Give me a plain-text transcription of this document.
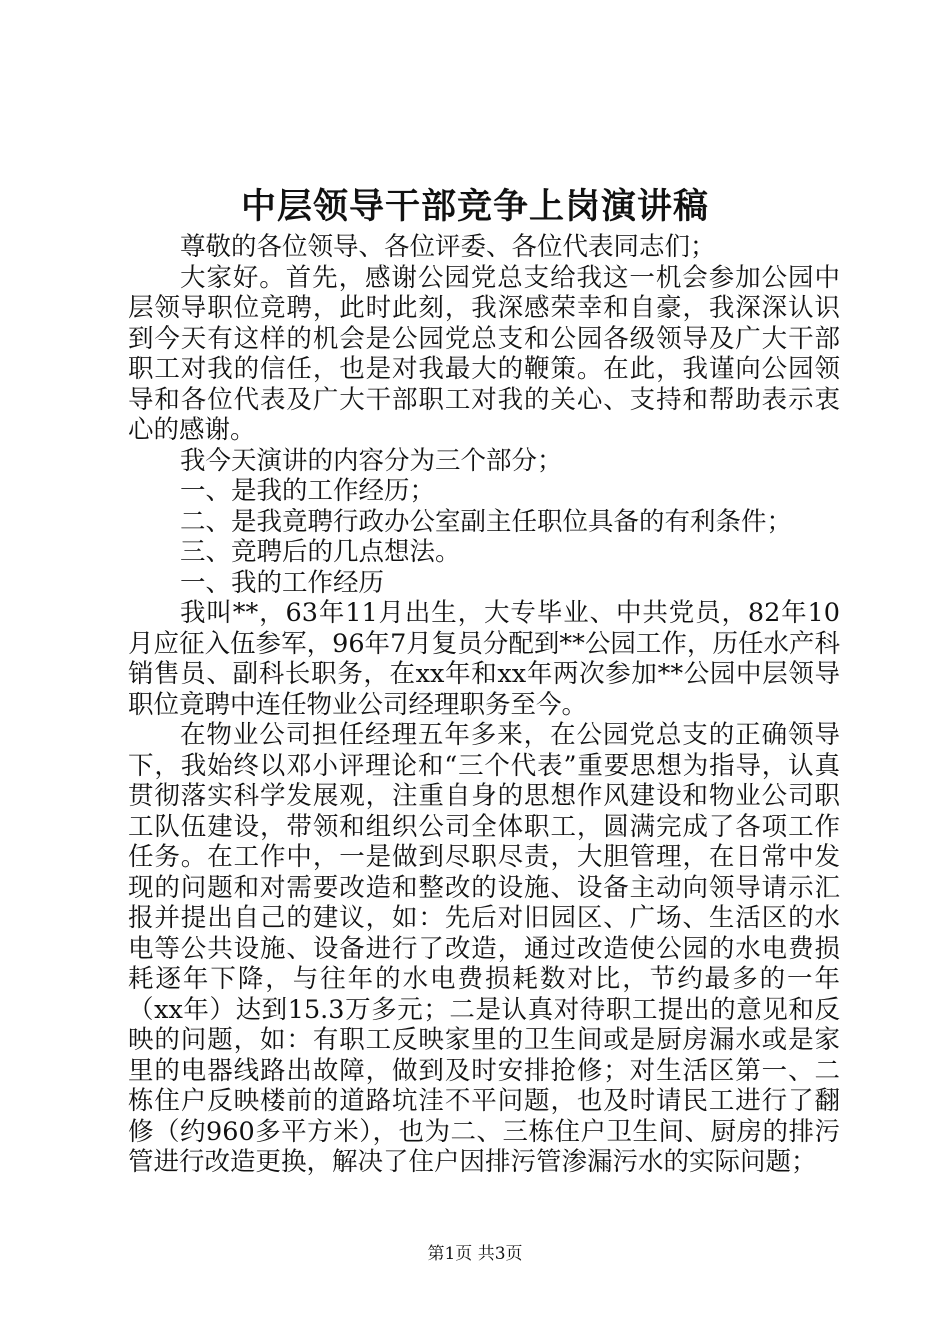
中层领导干部竞争上岗演讲稿

尊敬的各位领导、各位评委、各位代表同志们；

大家好。首先，感谢公园党总支给我这一机会参加公园中层领导职位竞聘，此时此刻，我深感荣幸和自豪，我深深认识到今天有这样的机会是公园党总支和公园各级领导及广大干部职工对我的信任，也是对我最大的鞭策。在此，我谨向公园领导和各位代表及广大干部职工对我的关心、支持和帮助表示衷心的感谢。

我今天演讲的内容分为三个部分；

一、是我的工作经历；

二、是我竟聘行政办公室副主任职位具备的有利条件；

三、竞聘后的几点想法。

一、我的工作经历

我叫**，63年11月出生，大专毕业、中共党员，82年10月应征入伍参军，96年7月复员分配到**公园工作，历任水产科销售员、副科长职务，在xx年和xx年两次参加**公园中层领导职位竟聘中连任物业公司经理职务至今。

在物业公司担任经理五年多来，在公园党总支的正确领导下，我始终以邓小评理论和“三个代表”重要思想为指导，认真贯彻落实科学发展观，注重自身的思想作风建设和物业公司职工队伍建设，带领和组织公司全体职工，圆满完成了各项工作任务。在工作中，一是做到尽职尽责，大胆管理，在日常中发现的问题和对需要改造和整改的设施、设备主动向领导请示汇报并提出自己的建议，如：先后对旧园区、广场、生活区的水电等公共设施、设备进行了改造，通过改造使公园的水电费损耗逐年下降，与往年的水电费损耗数对比，节约最多的一年（xx年）达到15.3万多元；二是认真对待职工提出的意见和反映的问题，如：有职工反映家里的卫生间或是厨房漏水或是家里的电器线路出故障，做到及时安排抢修；对生活区第一、二栋住户反映楼前的道路坑洼不平问题，也及时请民工进行了翻修（约960多平方米），也为二、三栋住户卫生间、厨房的排污管进行改造更换，解决了住户因排污管渗漏污水的实际问题；

第1页 共3页
